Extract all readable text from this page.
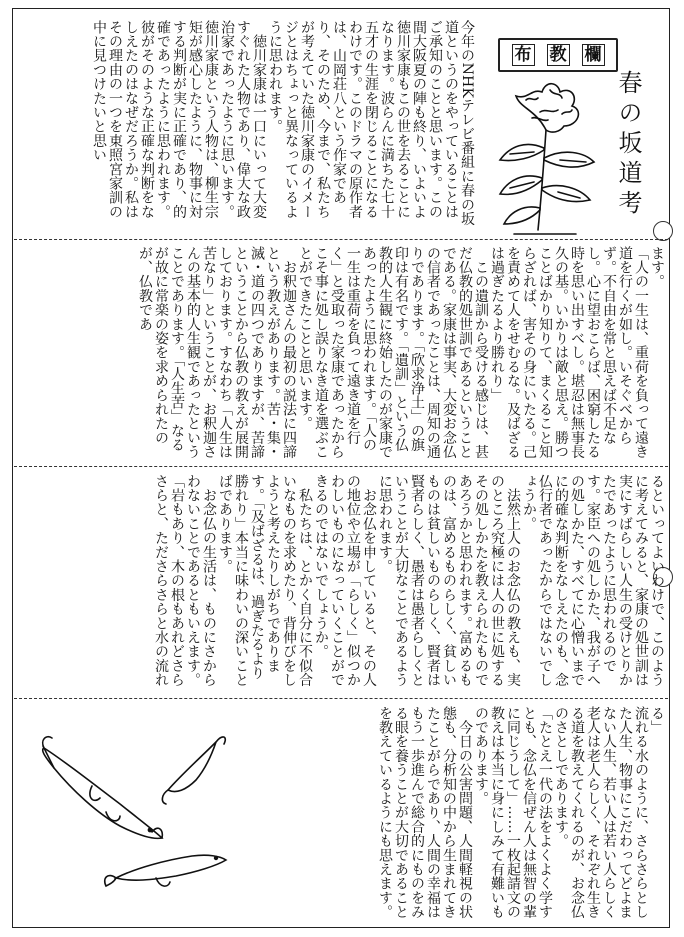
布 教 欄
春の坂道考
今年のNHKテレビ番組に春の坂道というのをやっていることはご承知のことと思います。この間大阪夏の陣も終り、いよいよ徳川家康もこの世を去ることになります。波らんに満ちた七十五才の生涯を閉じることになるわけです。このドラマの原作者は、山岡荘八という作家であり、そのため、今まで、私たちが考えていた徳川家康のイメージとはちょっと異なっているように思われます。
　徳川家康は一口にいって大変すぐれた人物であり、偉大な政治家であったように思います。徳川家康という人物は、柳生宗矩が感心したように、物事に対する判断が実に正確であり、的確であったように思われます。彼がそのような正確な判断をなしえたのはなぜだろうか。私はその理由の一つを東照宮家訓の中に見つけたいと思い
ます。
「人の一生は、重荷を負って遠き道を行くが如し。いそぐべからず。不自由を常と思えば不足なし。心に望おこらば、困窮したる時を思い出すべし。堪忍は無事長久の基。いかりは敵と思え。勝つことばかり知りて、まくること知らざれば、害その身にいたる。己を責めて人をせむるな。及ばざるは過ぎたるより勝れり」
　この遺訓から受ける感じは、甚だ仏教的処世訓であるということである。家康は事実、大変お念仏の信者であったことは、周知の通りであります。「欣求浄土」の旗印は有名です。「遺訓」という仏教的人生観に終始したのが家康であったように思われます。「人の一生は重荷を負って遠き道を行く」と受取った家康であったからこそ事に処し誤りなき道を選ぶことができたことと思います。
　お釈迦さんの最初の説法に四諦という教えがあります。苦・集・滅・道の四つでありますが、苦諦ということから仏教の教えが展開しております。すなわち「人生は苦なり」ということが、お釈迦さんの基本的人生観であったということであります。「人生苦」なるが故に常楽の姿を求められたのが、仏教であ
るといってよいわけで、このように考えてみると、家康の処世訓は実にすばらしい人生の受けとりかたであったように思われるのです。家臣への処しかた、我が子への処しかた、すべてに心憎いまでに的確な判断をなしえたのも、念仏行者であったからではないでしょうか。
　法然上人のお念仏の教えも、実のところ究極には人の世に処するその処しかたを教えられたものであろうかと思われます。富めるものは、富めるものらしく、貧しいものは貧しいものらしく、賢者は賢者らしく、愚者は愚者らしくということが大切なことであるように思われます。
　お念仏を申していると、その人の地位や立場が「らしく」似つかわしいものになっていくことができるのではないでしょうか。
　私たちは、とかく自分に不似合いなものを求めたり、背伸びをしようと考えたりしがちであります。「及ばざるは、過ぎたるより勝れり」本当に味わいの深いことばであります。
　お念仏の生活は、ものにさからわないことであるともいえます。「岩もあり、木の根もあれどさらさらと、たださらさらと水の流れ
る」
流れる水のように、さらさらとした人生、物事にこだわってどよまない人生、若い人は若い人らしく老人は老人らしく、それぞれ生きる道を教えてくれるのが、お念仏のさとしであります。
「たとえ一代の法をよくよく学すとも、念仏を信ぜん人は無智の輩に同じうして」……一枚起請文の教えは本当に身にしみて有難いものであります。
　今日の公害問題、人間軽視の状態も、分析知の中から生まれてきたことがらであり、人間の幸福はもう一歩進んで総合的にものをみる眼を養うことが大切であることを教えているようにも思えます。
